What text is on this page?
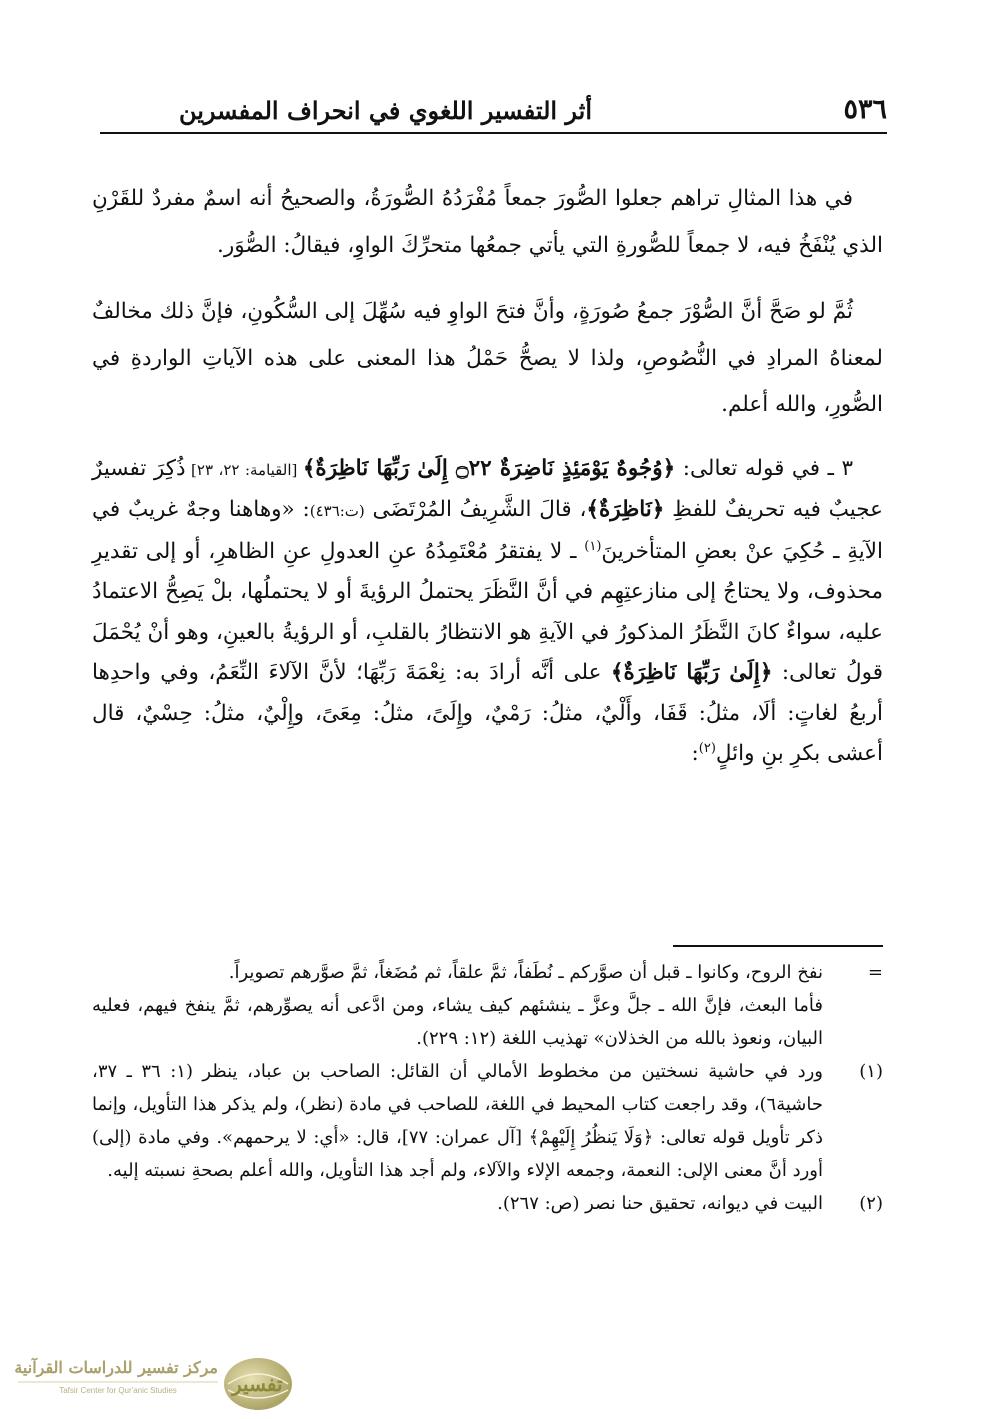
٥٣٦
أثر التفسير اللغوي في انحراف المفسرين

في هذا المثالِ تراهم جعلوا الصُّورَ جمعاً مُفْرَدُهُ الصُّورَةُ، والصحيحُ أنه اسمٌ مفردٌ للقَرْنِ الذي يُنْفَخُ فيه، لا جمعاً للصُّورةِ التي يأتي جمعُها متحرِّكَ الواوِ، فيقالُ: الصُّوَر.

ثُمَّ لو صَحَّ أنَّ الصُّوْرَ جمعُ صُورَةٍ، وأنَّ فتحَ الواوِ فيه سُهِّلَ إلى السُّكُونِ، فإنَّ ذلك مخالفٌ لمعناهُ المرادِ في النُّصُوصِ، ولذا لا يصحُّ حَمْلُ هذا المعنى على هذه الآياتِ الواردةِ في الصُّورِ، والله أعلم.

٣ ـ في قوله تعالى: ﴿وُجُوهٌ يَوْمَئِذٍ نَاضِرَةٌ ۝٢٢ إِلَىٰ رَبِّهَا نَاظِرَةٌ﴾ [القيامة: ٢٢، ٢٣] ذُكِرَ تفسيرٌ عجيبٌ فيه تحريفٌ للفظِ ﴿نَاظِرَةٌ﴾، قالَ الشَّرِيفُ المُرْتَضَى (ت:٤٣٦): «وهاهنا وجهٌ غريبٌ في الآيةِ ـ حُكِيَ عنْ بعضِ المتأخرينَ$^{(١)}$ ـ لا يفتقرُ مُعْتَمِدُهُ عنِ العدولِ عنِ الظاهرِ، أو إلى تقديرِ محذوف، ولا يحتاجُ إلى منازعتِهِم في أنَّ النَّظَرَ يحتملُ الرؤيةَ أو لا يحتملُها، بلْ يَصِحُّ الاعتمادُ عليه، سواءٌ كانَ النَّظَرُ المذكورُ في الآيةِ هو الانتظارُ بالقلبِ، أو الرؤيةُ بالعينِ، وهو أنْ يُحْمَلَ قولُ تعالى: ﴿إِلَىٰ رَبِّهَا نَاظِرَةٌ﴾ على أنَّه أرادَ به: نِعْمَةَ رَبِّهَا؛ لأنَّ الآلاءَ النِّعَمُ، وفي واحدِها أربعُ لغاتٍ: ألَا، مثلُ: قَفَا، وأَلْيٌ، مثلُ: رَمْيٌ، وإِلَىً، مثلُ: مِعَىً، وإِلْيٌ، مثلُ: حِسْيٌ، قال أعشى بكرِ بنِ وائلٍ$^{(٢)}$:

=
نفخ الروح، وكانوا ـ قبل أن صوَّركم ـ نُطَفاً، ثمَّ علقاً، ثم مُضَغاً، ثمَّ صوَّرهم تصويراً.
فأما البعث، فإنَّ الله ـ جلَّ وعزَّ ـ ينشئهم كيف يشاء، ومن ادَّعى أنه يصوِّرهم، ثمَّ ينفخ فيهم، فعليه البيان، ونعوذ بالله من الخذلان» تهذيب اللغة (١٢: ٢٢٩).
(١)
ورد في حاشية نسختين من مخطوط الأمالي أن القائل: الصاحب بن عباد، ينظر (١: ٣٦ ـ ٣٧، حاشية٦)، وقد راجعت كتاب المحيط في اللغة، للصاحب في مادة (نظر)، ولم يذكر هذا التأويل، وإنما ذكر تأويل قوله تعالى: ﴿وَلَا يَنظُرُ إِلَيْهِمْ﴾ [آل عمران: ٧٧]، قال: «أي: لا يرحمهم». وفي مادة (إلى) أورد أنَّ معنى الإلى: النعمة، وجمعه الإلاء والآلاء، ولم أجد هذا التأويل، والله أعلم بصحةِ نسبته إليه.
(٢)
البيت في ديوانه، تحقيق حنا نصر (ص: ٢٦٧).
مركز تفسير للدراسات القرآنية
Tafsir Center for Qur'anic Studies	تفسير
